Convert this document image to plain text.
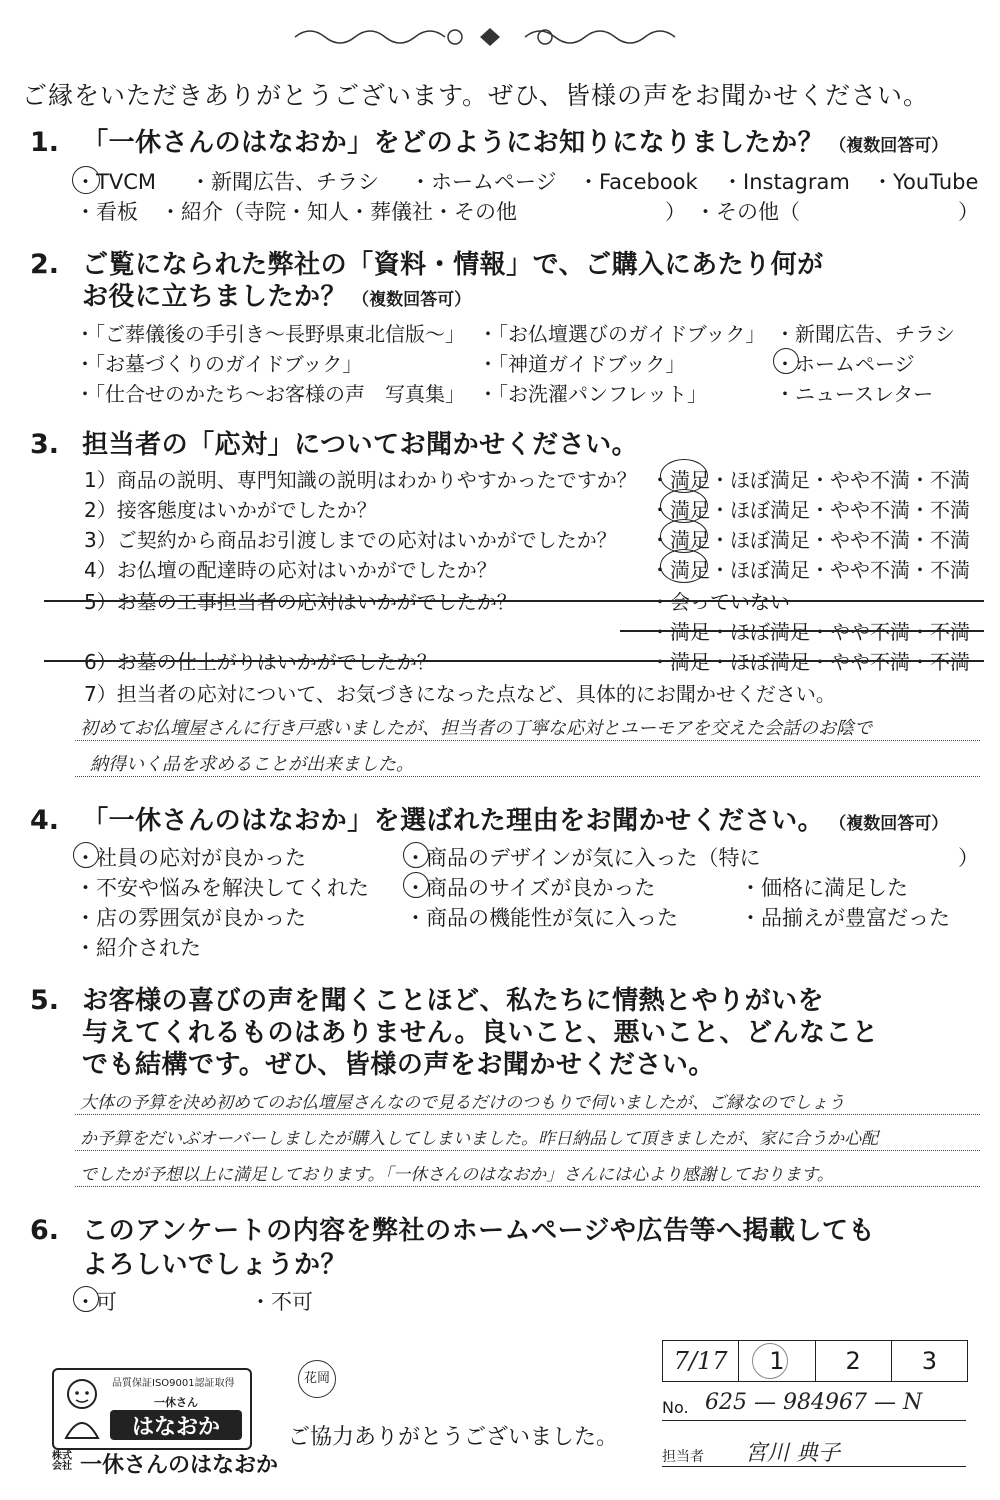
ご縁をいただきありがとうございます。ぜひ、皆様の声をお聞かせください。
1. 「一休さんのはなおか」をどのようにお知りになりましたか？ （複数回答可）
・TVCM ・新聞広告、チラシ ・ホームページ ・Facebook ・Instagram ・YouTube
・看板 ・紹介（寺院・知人・葬儀社・その他	） ・その他（	）
2. ご覧になられた弊社の「資料・情報」で、ご購入にあたり何が
お役に立ちましたか？ （複数回答可）
・「ご葬儀後の手引き～長野県東北信版～」 ・「お仏壇選びのガイドブック」 ・新聞広告、チラシ
・「お墓づくりのガイドブック」	・「神道ガイドブック」	・ホームページ
・「仕合せのかたち～お客様の声　写真集」 ・「お洗濯パンフレット」	・ニュースレター
3. 担当者の「応対」についてお聞かせください。
1）商品の説明、専門知識の説明はわかりやすかったですか？ ・満足・ほぼ満足・やや不満・不満
2）接客態度はいかがでしたか？	・満足・ほぼ満足・やや不満・不満
3）ご契約から商品お引渡しまでの応対はいかがでしたか？ ・満足・ほぼ満足・やや不満・不満
4）お仏壇の配達時の応対はいかがでしたか？	・満足・ほぼ満足・やや不満・不満
5）お墓の工事担当者の応対はいかがでしたか？	・会っていない
・満足・ほぼ満足・やや不満・不満
6）お墓の仕上がりはいかがでしたか？	・満足・ほぼ満足・やや不満・不満
7）担当者の応対について、お気づきになった点など、具体的にお聞かせください。
初めてお仏壇屋さんに行き戸惑いましたが、担当者の丁寧な応対とユーモアを交えた会話のお陰で
納得いく品を求めることが出来ました。
4. 「一休さんのはなおか」を選ばれた理由をお聞かせください。 （複数回答可）
・社員の応対が良かった	・商品のデザインが気に入った（特に	）
・不安や悩みを解決してくれた ・商品のサイズが良かった	・価格に満足した
・店の雰囲気が良かった	・商品の機能性が気に入った	・品揃えが豊富だった
・紹介された
5. お客様の喜びの声を聞くことほど、私たちに情熱とやりがいを
与えてくれるものはありません。良いこと、悪いこと、どんなこと
でも結構です。ぜひ、皆様の声をお聞かせください。
大体の予算を決め初めてのお仏壇屋さんなので見るだけのつもりで伺いましたが、ご縁なのでしょう
か予算をだいぶオーバーしましたが購入してしまいました。昨日納品して頂きましたが、家に合うか心配
でしたが予想以上に満足しております。「一休さんのはなおか」さんには心より感謝しております。
6. このアンケートの内容を弊社のホームページや広告等へ掲載しても
よろしいでしょうか？
・可	・不可
7/17	1	2	3
No. 625 — 984967 — N
担当者 宮川 典子
品質保証ISO9001認証取得
一休さん
はなおか
株式会社 一休さんのはなおか
花岡
ご協力ありがとうございました。
